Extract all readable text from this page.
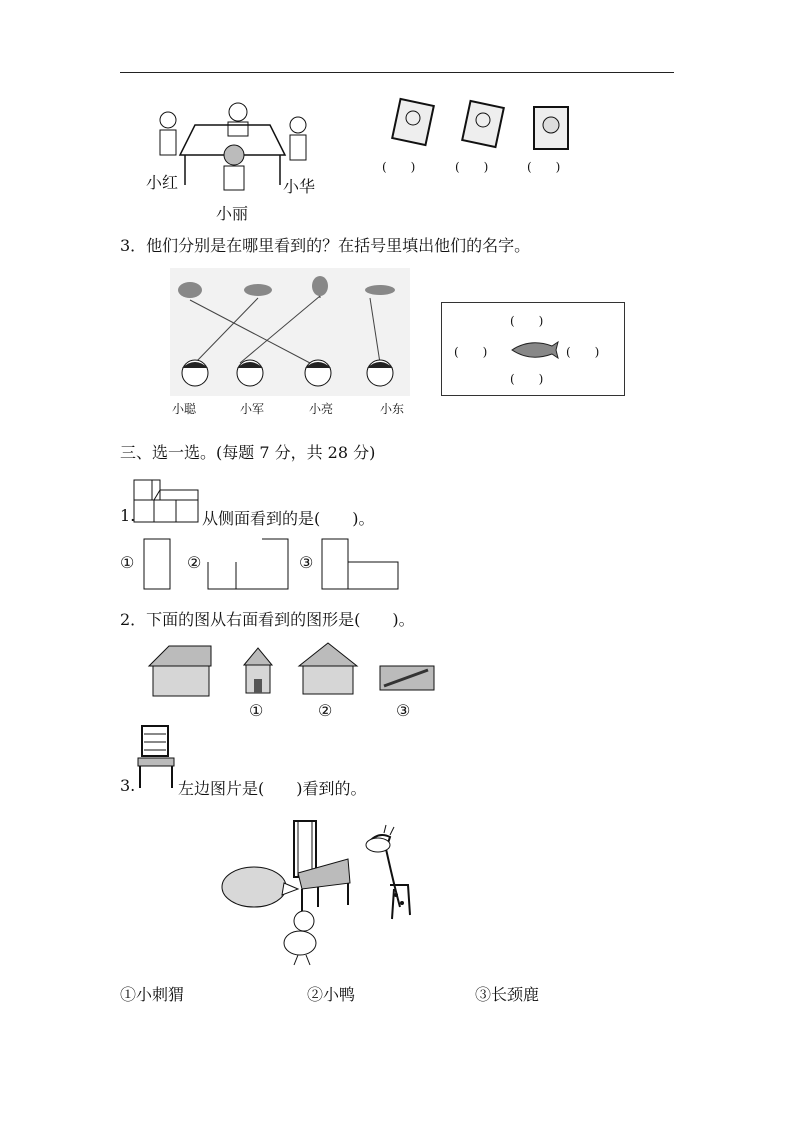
小红	小华
小丽
(　　)	(　　)	(　　)
3．他们分别是在哪里看到的？在括号里填出他们的名字。
小聪	小军	小亮	小东
(　　)
(　　)	(　　)
(　　)
三、选一选。(每题 7 分，共 28 分)
1.	从侧面看到的是(　　)。
①	②	③
2．下面的图从右面看到的图形是(　　)。
①	②	③
3.	左边图片是(　　)看到的。
①小刺猬	②小鸭	③长颈鹿
